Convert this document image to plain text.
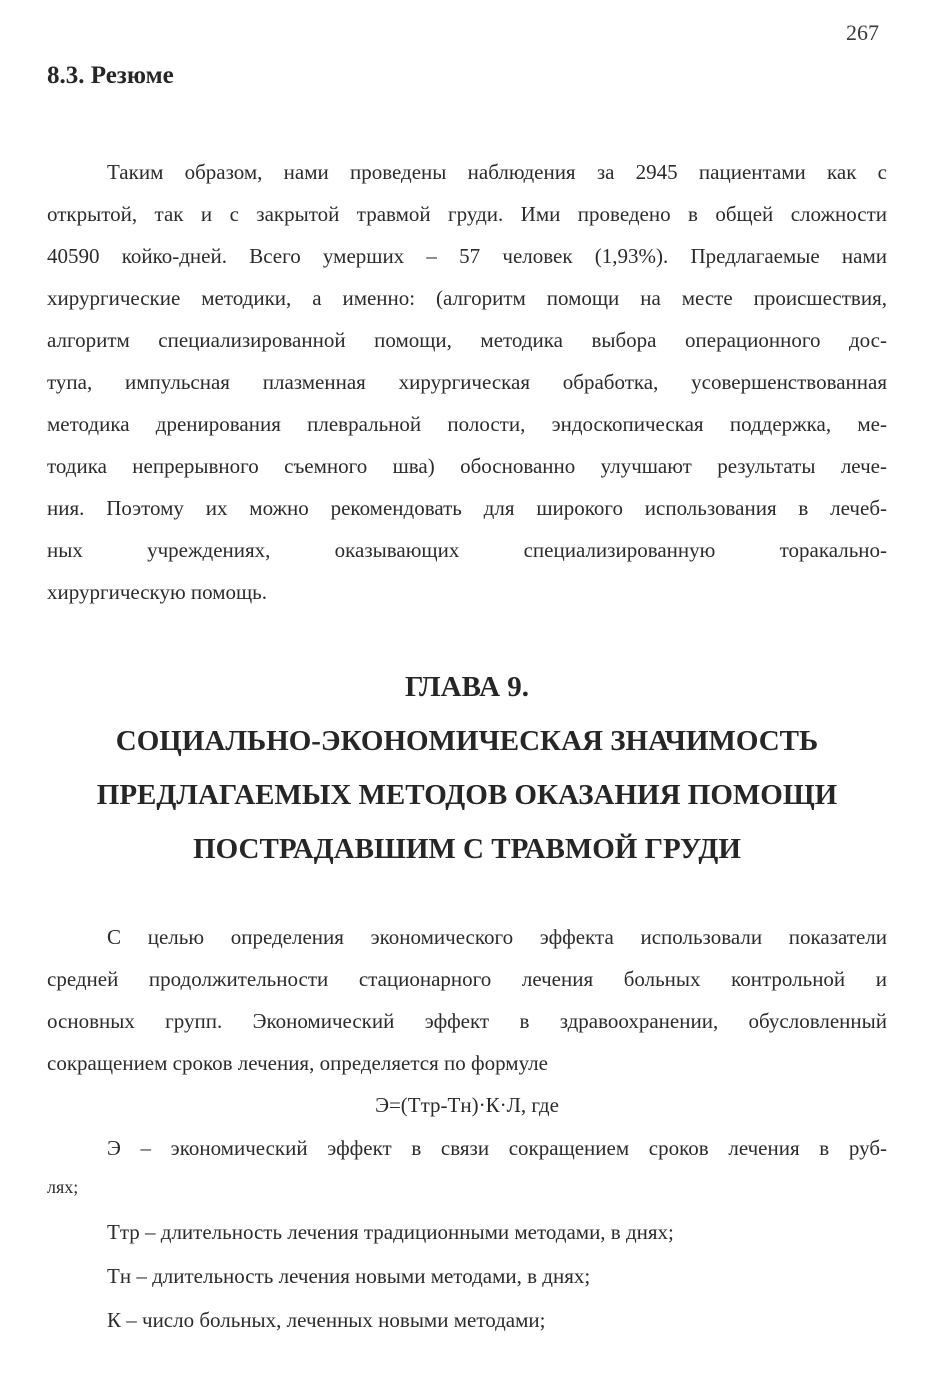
267
8.3. Резюме
Таким образом, нами проведены наблюдения за 2945 пациентами как с
открытой, так и с закрытой травмой груди. Ими проведено в общей сложности
40590 койко-дней. Всего умерших – 57 человек (1,93%). Предлагаемые нами
хирургические методики, а именно: (алгоритм помощи на месте происшествия,
алгоритм специализированной помощи, методика выбора операционного дос-
тупа, импульсная плазменная хирургическая обработка, усовершенствованная
методика дренирования плевральной полости, эндоскопическая поддержка, ме-
тодика непрерывного съемного шва) обоснованно улучшают результаты лече-
ния. Поэтому их можно рекомендовать для широкого использования в лечеб-
ных учреждениях, оказывающих специализированную торакально-
хирургическую помощь.
ГЛАВА 9.
СОЦИАЛЬНО-ЭКОНОМИЧЕСКАЯ ЗНАЧИМОСТЬ
ПРЕДЛАГАЕМЫХ МЕТОДОВ ОКАЗАНИЯ ПОМОЩИ
ПОСТРАДАВШИМ С ТРАВМОЙ ГРУДИ
С целью определения экономического эффекта использовали показатели
средней продолжительности стационарного лечения больных контрольной и
основных групп. Экономический эффект в здравоохранении, обусловленный
сокращением сроков лечения, определяется по формуле
Э=(Ттр-Тн)·К·Л, где
Э – экономический эффект в связи сокращением сроков лечения в руб-
лях;
Ттр – длительность лечения традиционными методами, в днях;
Тн – длительность лечения новыми методами, в днях;
К – число больных, леченных новыми методами;
